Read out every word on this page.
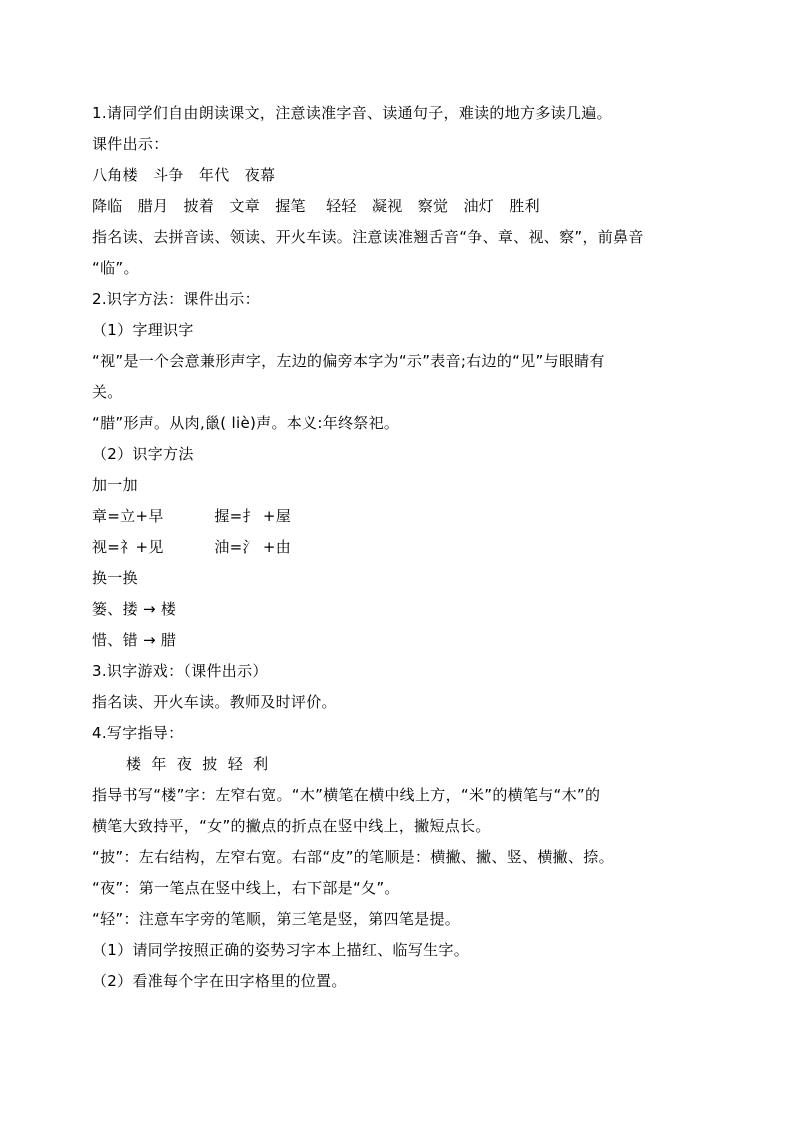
1.请同学们自由朗读课文，注意读准字音、读通句子，难读的地方多读几遍。
课件出示：
八角楼   斗争   年代   夜幕
降临   腊月   披着   文章   握笔    轻轻   凝视   察觉   油灯   胜利
指名读、去拼音读、领读、开火车读。注意读准翘舌音“争、章、视、察”，前鼻音
“临”。
2.识字方法：课件出示：
（1）字理识字
“视”是一个会意兼形声字，左边的偏旁本字为“示”表音;右边的“见”与眼睛有
关。
“腊”形声。从肉,巤( liè)声。本义:年终祭祀。
（2）识字方法
加一加
章=立+早          握=扌 +屋
视=礻+见          油=氵 +由
换一换
篓、搂 → 楼
惜、错 → 腊
3.识字游戏：（课件出示）
指名读、开火车读。教师及时评价。
4.写字指导：
楼  年  夜  披  轻  利
指导书写“楼”字：左窄右宽。“木”横笔在横中线上方，“米”的横笔与“木”的
横笔大致持平，“女”的撇点的折点在竖中线上，撇短点长。
“披”：左右结构，左窄右宽。右部“皮”的笔顺是：横撇、撇、竖、横撇、捺。
“夜”：第一笔点在竖中线上，右下部是“夂”。
“轻”：注意车字旁的笔顺，第三笔是竖，第四笔是提。
（1）请同学按照正确的姿势习字本上描红、临写生字。
（2）看准每个字在田字格里的位置。
